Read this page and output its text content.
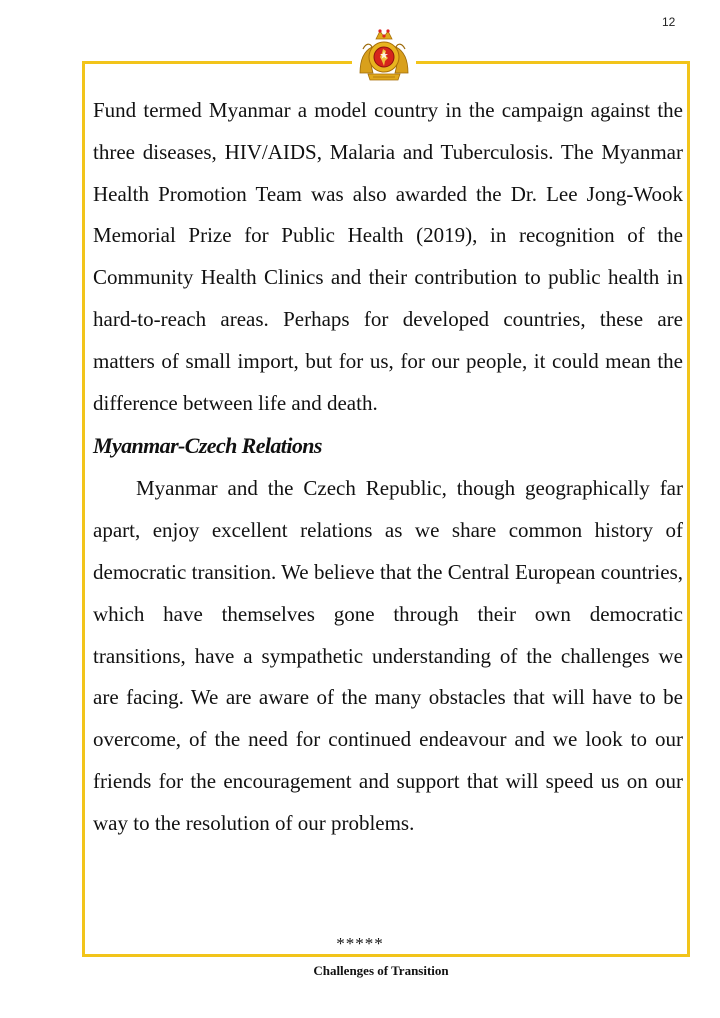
12

Fund termed Myanmar a model country in the campaign against the three diseases, HIV/AIDS, Malaria and Tuberculosis. The Myanmar Health Promotion Team was also awarded the Dr. Lee Jong-Wook Memorial Prize for Public Health (2019), in recognition of the Community Health Clinics and their contribution to public health in hard-to-reach areas. Perhaps for developed countries, these are matters of small import, but for us, for our people, it could mean the difference between life and death.

Myanmar-Czech Relations

Myanmar and the Czech Republic, though geographically far apart, enjoy excellent relations as we share common history of democratic transition. We believe that the Central European countries, which have themselves gone through their own democratic transitions, have a sympathetic understanding of the challenges we are facing. We are aware of the many obstacles that will have to be overcome, of the need for continued endeavour and we look to our friends for the encouragement and support that will speed us on our way to the resolution of our problems.

*****
Challenges of Transition
